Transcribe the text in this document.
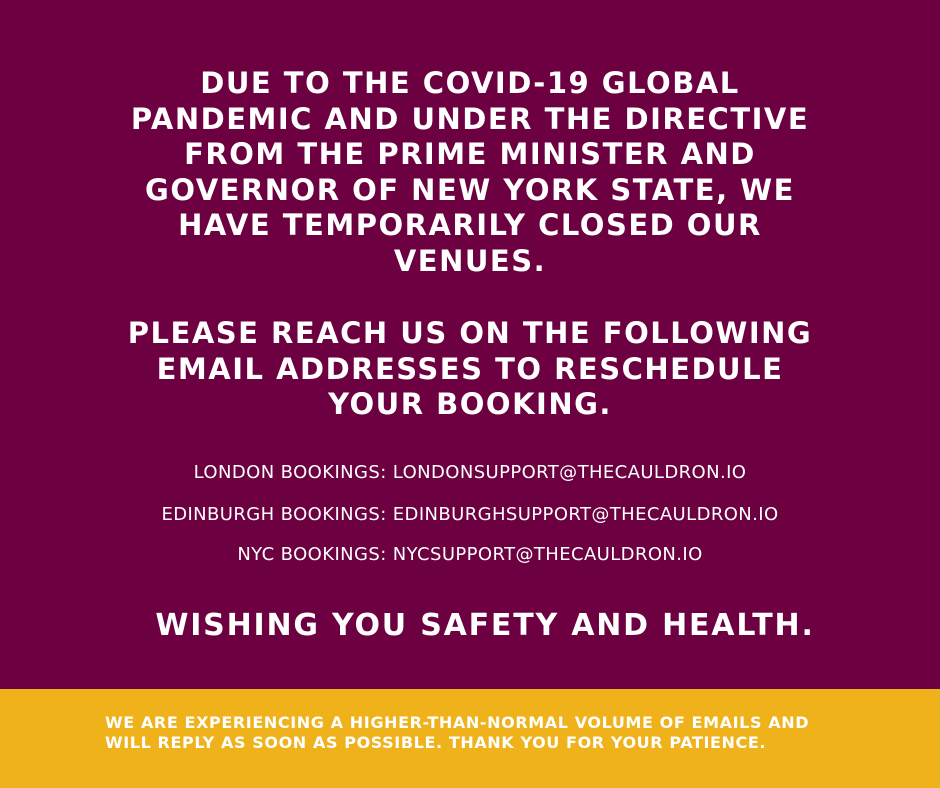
DUE TO THE COVID-19 GLOBAL
PANDEMIC AND UNDER THE DIRECTIVE
FROM THE PRIME MINISTER AND
GOVERNOR OF NEW YORK STATE, WE
HAVE TEMPORARILY CLOSED OUR
VENUES.
PLEASE REACH US ON THE FOLLOWING
EMAIL ADDRESSES TO RESCHEDULE
YOUR BOOKING.
LONDON BOOKINGS: LONDONSUPPORT@THECAULDRON.IO
EDINBURGH BOOKINGS: EDINBURGHSUPPORT@THECAULDRON.IO
NYC BOOKINGS: NYCSUPPORT@THECAULDRON.IO
WISHING YOU SAFETY AND HEALTH.
WE ARE EXPERIENCING A HIGHER-THAN-NORMAL VOLUME OF EMAILS AND
WILL REPLY AS SOON AS POSSIBLE. THANK YOU FOR YOUR PATIENCE.
